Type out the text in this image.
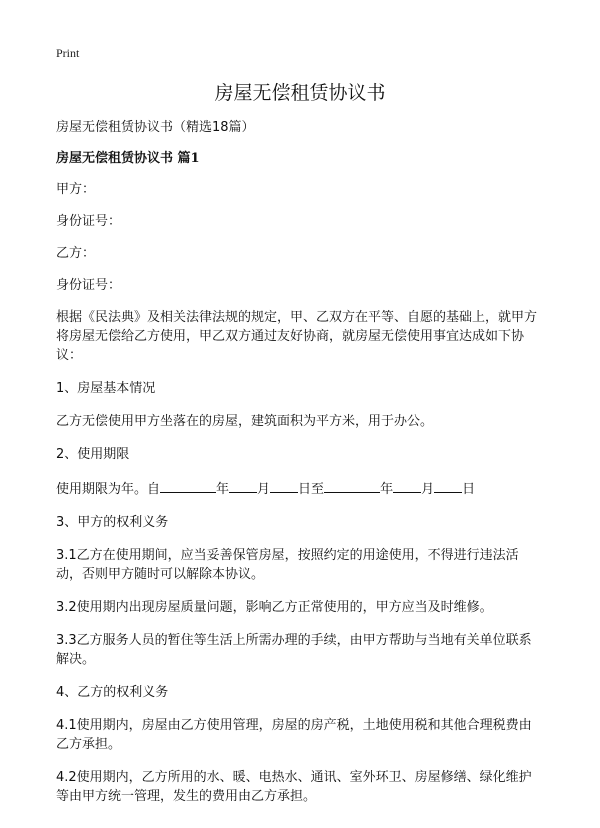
Print
房屋无偿租赁协议书

房屋无偿租赁协议书（精选18篇）

房屋无偿租赁协议书 篇1

甲方：

身份证号：

乙方：

身份证号：

根据《民法典》及相关法律法规的规定，甲、乙双方在平等、自愿的基础上，就甲方将房屋无偿给乙方使用，甲乙双方通过友好协商，就房屋无偿使用事宜达成如下协议：

1、房屋基本情况

乙方无偿使用甲方坐落在的房屋，建筑面积为平方米，用于办公。

2、使用期限

使用期限为年。自	年 月 日至	年 月 日

3、甲方的权利义务

3.1乙方在使用期间，应当妥善保管房屋，按照约定的用途使用，不得进行违法活动，否则甲方随时可以解除本协议。

3.2使用期内出现房屋质量问题，影响乙方正常使用的，甲方应当及时维修。

3.3乙方服务人员的暂住等生活上所需办理的手续，由甲方帮助与当地有关单位联系解决。

4、乙方的权利义务

4.1使用期内，房屋由乙方使用管理，房屋的房产税，土地使用税和其他合理税费由乙方承担。

4.2使用期内，乙方所用的水、暖、电热水、通讯、室外环卫、房屋修缮、绿化维护等由甲方统一管理，发生的费用由乙方承担。
